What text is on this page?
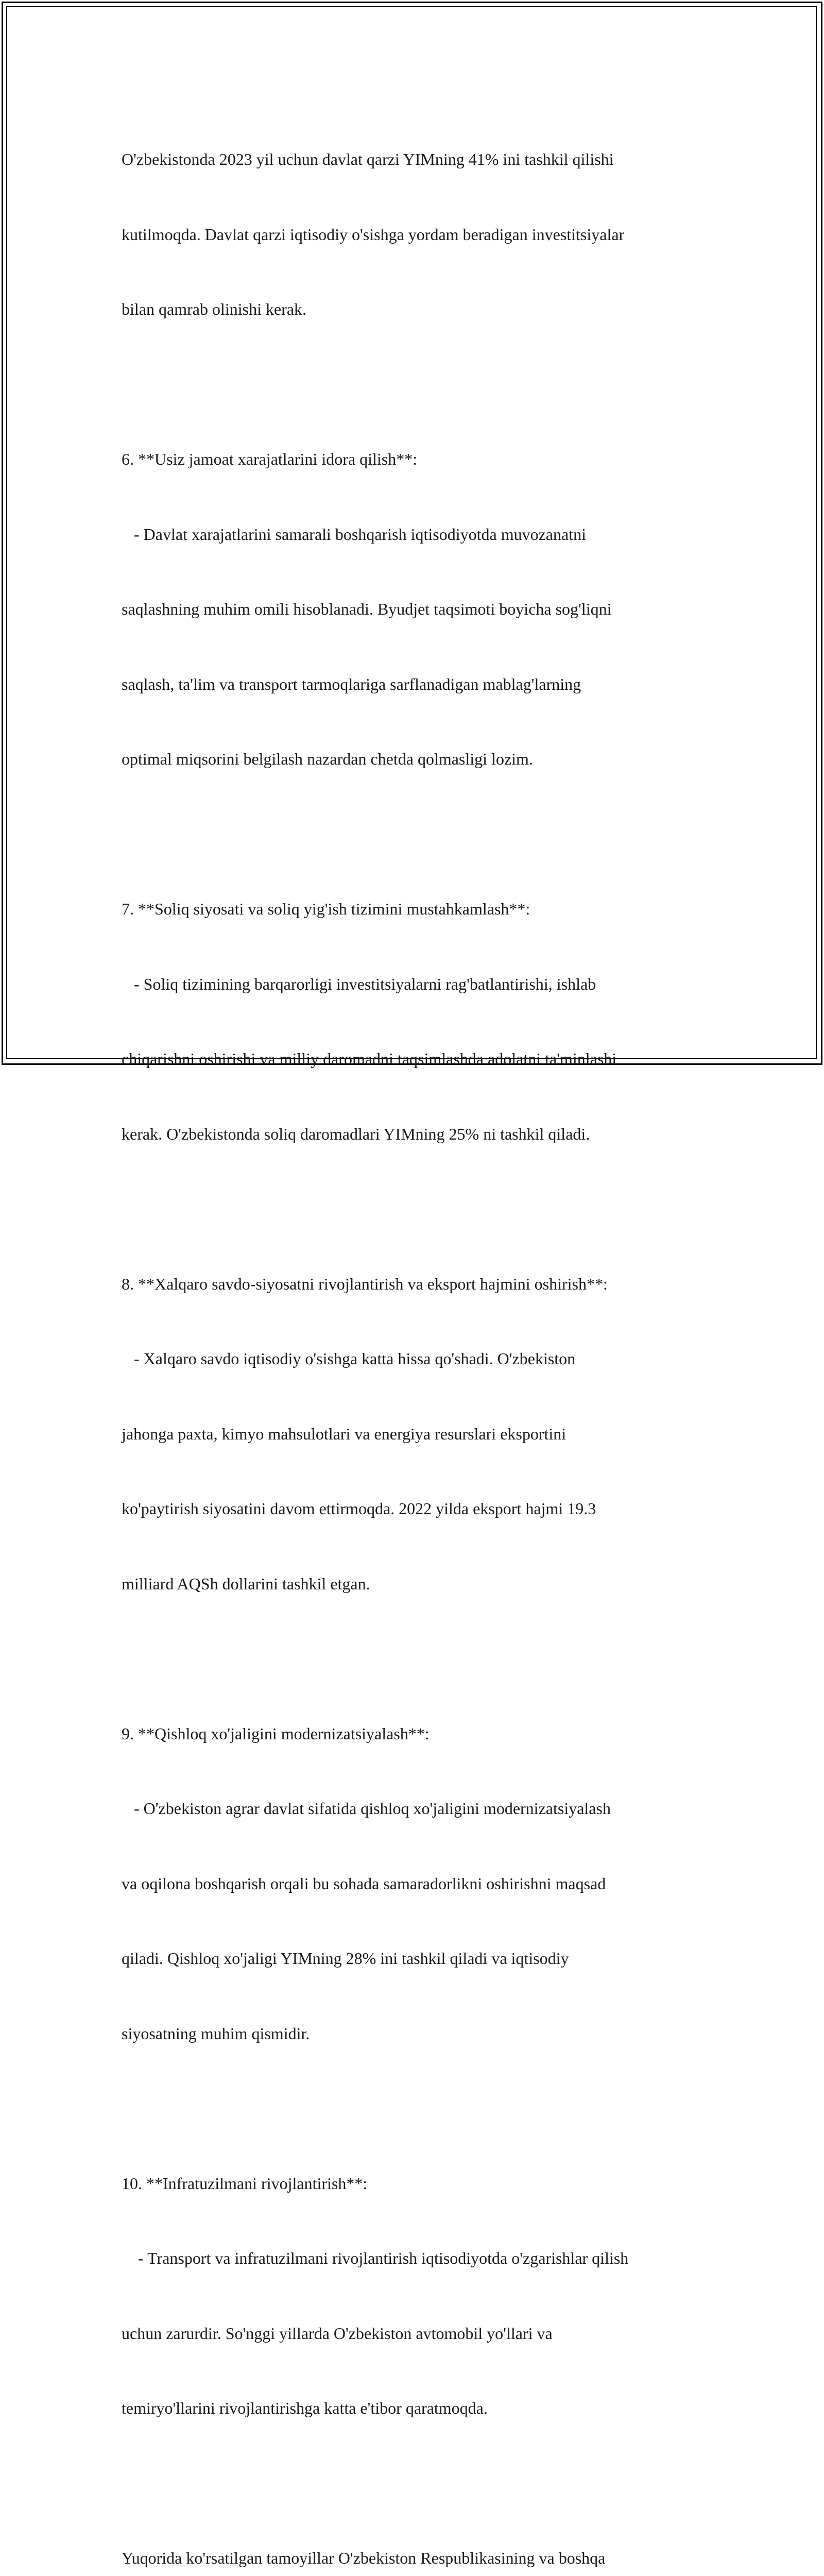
O'zbekistonda 2023 yil uchun davlat qarzi YIMning 41% ini tashkil qilishi

kutilmoqda. Davlat qarzi iqtisodiy o'sishga yordam beradigan investitsiyalar

bilan qamrab olinishi kerak.

6. **Usiz jamoat xarajatlarini idora qilish**:

- Davlat xarajatlarini samarali boshqarish iqtisodiyotda muvozanatni

saqlashning muhim omili hisoblanadi. Byudjet taqsimoti boyicha sog'liqni

saqlash, ta'lim va transport tarmoqlariga sarflanadigan mablag'larning

optimal miqsorini belgilash nazardan chetda qolmasligi lozim.

7. **Soliq siyosati va soliq yig'ish tizimini mustahkamlash**:

- Soliq tizimining barqarorligi investitsiyalarni rag'batlantirishi, ishlab

chiqarishni oshirishi va milliy daromadni taqsimlashda adolatni ta'minlashi

kerak. O'zbekistonda soliq daromadlari YIMning 25% ni tashkil qiladi.

8. **Xalqaro savdo-siyosatni rivojlantirish va eksport hajmini oshirish**:

- Xalqaro savdo iqtisodiy o'sishga katta hissa qo'shadi. O'zbekiston

jahonga paxta, kimyo mahsulotlari va energiya resurslari eksportini

ko'paytirish siyosatini davom ettirmoqda. 2022 yilda eksport hajmi 19.3

milliard AQSh dollarini tashkil etgan.

9. **Qishloq xo'jaligini modernizatsiyalash**:

- O'zbekiston agrar davlat sifatida qishloq xo'jaligini modernizatsiyalash

va oqilona boshqarish orqali bu sohada samaradorlikni oshirishni maqsad

qiladi. Qishloq xo'jaligi YIMning 28% ini tashkil qiladi va iqtisodiy

siyosatning muhim qismidir.

10. **Infratuzilmani rivojlantirish**:

- Transport va infratuzilmani rivojlantirish iqtisodiyotda o'zgarishlar qilish

uchun zarurdir. So'nggi yillarda O'zbekiston avtomobil yo'llari va

temiryo'llarini rivojlantirishga katta e'tibor qaratmoqda.

Yuqorida ko'rsatilgan tamoyillar O'zbekiston Respublikasining va boshqa
